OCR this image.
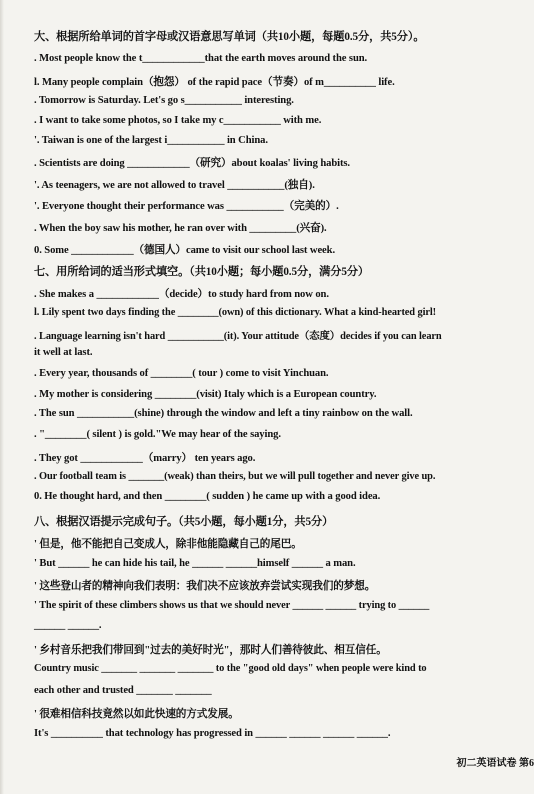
大、根据所给单词的首字母或汉语意思写单词（共10小题，每题0.5分，共5分）。
. Most people know the t____________that the earth moves around the sun.
l. Many people complain（抱怨） of the rapid pace（节奏）of m__________ life.
. Tomorrow is Saturday. Let's go s___________ interesting.
. I want to take some photos, so I take my c___________ with me.
'. Taiwan is one of the largest i___________ in China.
. Scientists are doing ____________（研究）about koalas' living habits.
'. As teenagers, we are not allowed to travel ___________(独自).
'. Everyone thought their performance was ___________（完美的）.
. When the boy saw his mother, he ran over with _________(兴奋).
0. Some ____________（德国人）came to visit our school last week.
七、用所给词的适当形式填空。（共10小题；每小题0.5分，满分5分）
. She makes a ____________（decide）to study hard from now on.
l. Lily spent two days finding the ________(own) of this dictionary. What a kind-hearted girl!
. Language learning isn't hard ___________(it). Your attitude（态度）decides if you can learn
it well at last.
. Every year, thousands of ________( tour ) come to visit Yinchuan.
. My mother is considering ________(visit) Italy which is a European country.
. The sun ___________(shine) through the window and left a tiny rainbow on the wall.
. "________( silent ) is gold."We may hear of the saying.
. They got ____________（marry） ten years ago.
. Our football team is _______(weak) than theirs, but we will pull together and never give up.
0. He thought hard, and then ________( sudden ) he came up with a good idea.
八、根据汉语提示完成句子。（共5小题，每小题1分，共5分）
' 但是，他不能把自己变成人，除非他能隐藏自己的尾巴。
' But ______ he can hide his tail, he ______ ______himself ______ a man.
' 这些登山者的精神向我们表明：我们决不应该放弃尝试实现我们的梦想。
' The spirit of these climbers shows us that we should never ______ ______ trying to ______
______ ______.
' 乡村音乐把我们带回到"过去的美好时光"，那时人们善待彼此、相互信任。
Country music _______ _______ _______ to the "good old days" when people were kind to
each other and trusted _______ _______
' 很难相信科技竟然以如此快速的方式发展。
It's __________ that technology has progressed in ______ ______ ______ ______.
初二英语试卷 第6
